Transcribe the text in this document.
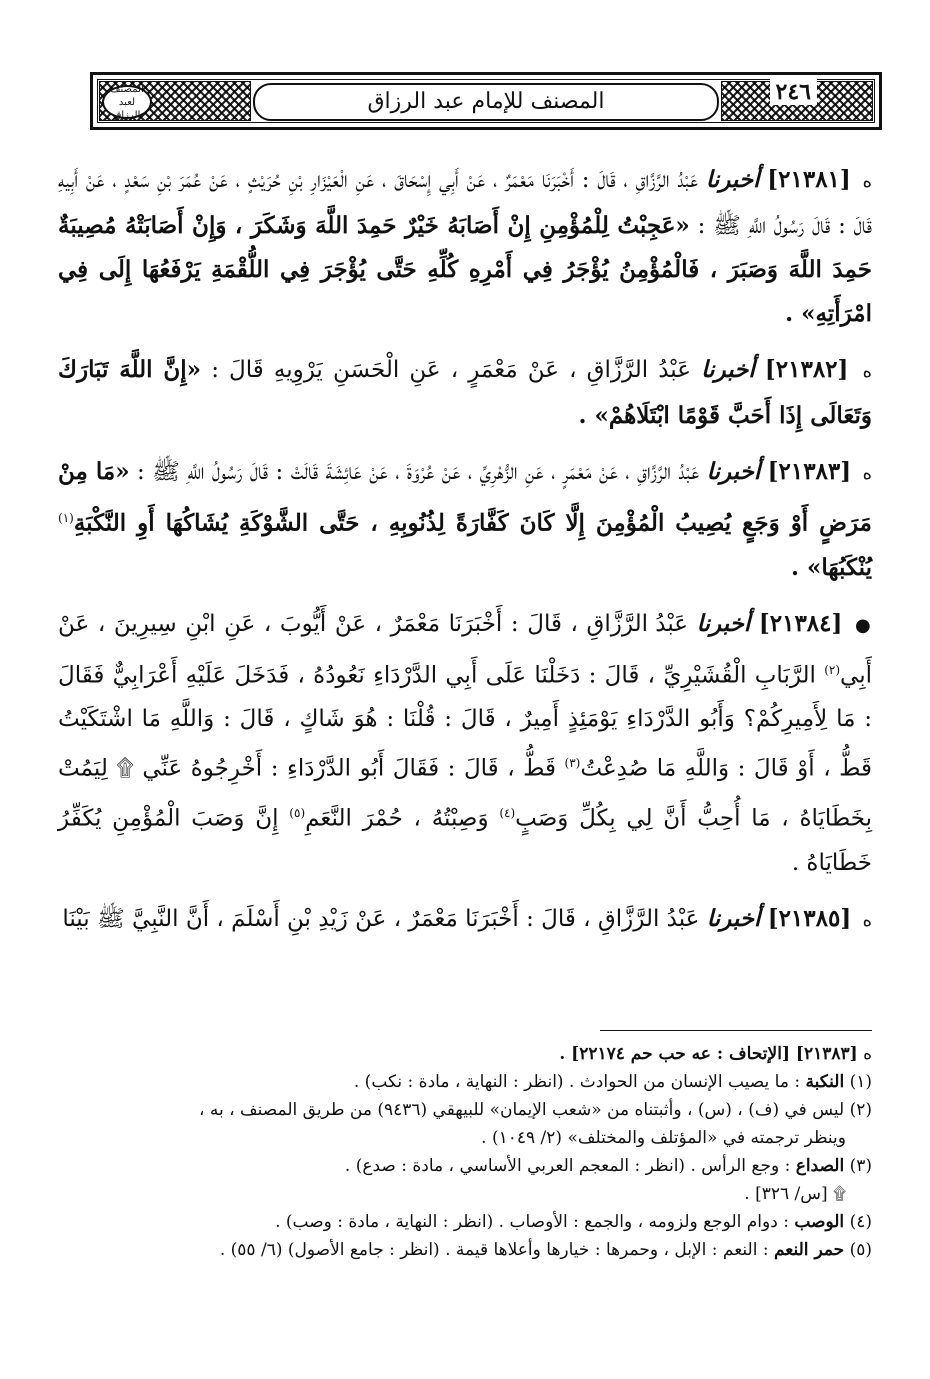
المصنف لعبد الرزاق
٢٤٦
المصنف للإمام عبد الرزاق

ه [٢١٣٨١] أخبرنا عَبْدُ الرَّزَّاقِ ، قَالَ : أَخْبَرَنَا مَعْمَرٌ ، عَنْ أَبِي إِسْحَاقَ ، عَنِ الْعَيْزَارِ بْنِ حُرَيْثٍ ، عَنْ عُمَرَ بْنِ سَعْدٍ ، عَنْ أَبِيهِ قَالَ : قَالَ رَسُولُ اللَّهِ ﷺ : «عَجِبْتُ لِلْمُؤْمِنِ إِنْ أَصَابَهُ خَيْرٌ حَمِدَ اللَّهَ وَشَكَرَ ، وَإِنْ أَصَابَتْهُ مُصِيبَةٌ حَمِدَ اللَّهَ وَصَبَرَ ، فَالْمُؤْمِنُ يُؤْجَرُ فِي أَمْرِهِ كُلِّهِ حَتَّى يُؤْجَرَ فِي اللُّقْمَةِ يَرْفَعُهَا إِلَى فِي امْرَأَتِهِ» .

ه [٢١٣٨٢] أخبرنا عَبْدُ الرَّزَّاقِ ، عَنْ مَعْمَرٍ ، عَنِ الْحَسَنِ يَرْوِيهِ قَالَ : «إِنَّ اللَّهَ تَبَارَكَ وَتَعَالَى إِذَا أَحَبَّ قَوْمًا ابْتَلَاهُمْ» .

ه [٢١٣٨٣] أخبرنا عَبْدُ الرَّزَّاقِ ، عَنْ مَعْمَرٍ ، عَنِ الزُّهْرِيِّ ، عَنْ عُرْوَةَ ، عَنْ عَائِشَةَ قَالَتْ : قَالَ رَسُولُ اللَّهِ ﷺ : «مَا مِنْ مَرَضٍ أَوْ وَجَعٍ يُصِيبُ الْمُؤْمِنَ إِلَّا كَانَ كَفَّارَةً لِذُنُوبِهِ ، حَتَّى الشَّوْكَةِ يُشَاكُهَا أَوِ النَّكْبَةِ$^{(١)}$ يُنْكَبُهَا» .

● [٢١٣٨٤] أخبرنا عَبْدُ الرَّزَّاقِ ، قَالَ : أَخْبَرَنَا مَعْمَرٌ ، عَنْ أَيُّوبَ ، عَنِ ابْنِ سِيرِينَ ، عَنْ أَبِي$^{(٢)}$ الرَّبَابِ الْقُشَيْرِيِّ ، قَالَ : دَخَلْنَا عَلَى أَبِي الدَّرْدَاءِ نَعُودُهُ ، فَدَخَلَ عَلَيْهِ أَعْرَابِيٌّ فَقَالَ : مَا لِأَمِيرِكُمْ؟ وَأَبُو الدَّرْدَاءِ يَوْمَئِذٍ أَمِيرٌ ، قَالَ : قُلْنَا : هُوَ شَاكٍ ، قَالَ : وَاللَّهِ مَا اشْتَكَيْتُ قَطُّ ، أَوْ قَالَ : وَاللَّهِ مَا صُدِعْتُ$^{(٣)}$ قَطُّ ، قَالَ : فَقَالَ أَبُو الدَّرْدَاءِ : أَخْرِجُوهُ عَنِّي ۩ لِيَمُتْ بِخَطَايَاهُ ، مَا أُحِبُّ أَنَّ لِي بِكُلِّ وَصَبٍ$^{(٤)}$ وَصِبْتُهُ ، حُمْرَ النَّعَمِ$^{(٥)}$ إِنَّ وَصَبَ الْمُؤْمِنِ يُكَفِّرُ خَطَايَاهُ .

ه [٢١٣٨٥] أخبرنا عَبْدُ الرَّزَّاقِ ، قَالَ : أَخْبَرَنَا مَعْمَرٌ ، عَنْ زَيْدِ بْنِ أَسْلَمَ ، أَنَّ النَّبِيَّ ﷺ بَيْنَا

ه [٢١٣٨٣] [الإتحاف : عه حب حم ٢٢١٧٤] .

(١) النكبة : ما يصيب الإنسان من الحوادث . (انظر : النهاية ، مادة : نكب) .

(٢) ليس في (ف) ، (س) ، وأثبتناه من «شعب الإيمان» للبيهقي (٩٤٣٦) من طريق المصنف ، به ،

وينظر ترجمته في «المؤتلف والمختلف» (٢/ ١٠٤٩) .

(٣) الصداع : وجع الرأس . (انظر : المعجم العربي الأساسي ، مادة : صدع) .

۩ [س/ ٣٢٦] .

(٤) الوصب : دوام الوجع ولزومه ، والجمع : الأوصاب . (انظر : النهاية ، مادة : وصب) .

(٥) حمر النعم : النعم : الإبل ، وحمرها : خيارها وأعلاها قيمة . (انظر : جامع الأصول) (٦/ ٥٥) .
